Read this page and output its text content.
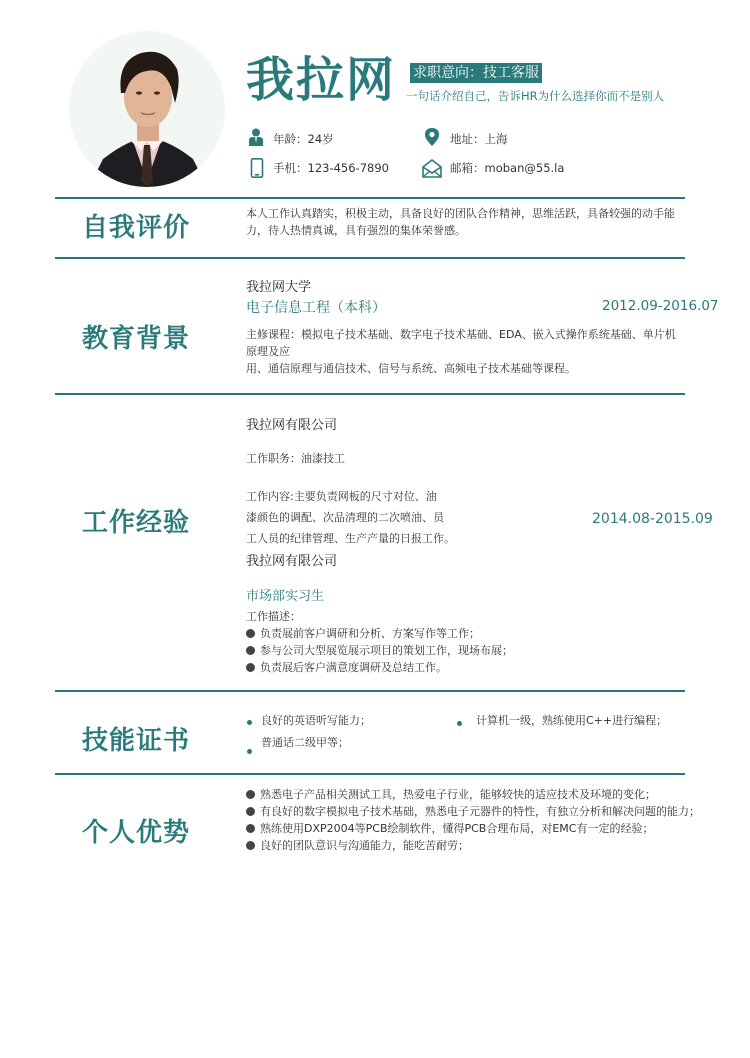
我拉网 求职意向：技工客服
一句话介绍自己，告诉HR为什么选择你而不是别人
年龄：24岁	地址：上海
手机：123-456-7890	邮箱：moban@55.la
自我评价	本人工作认真踏实，积极主动，具备良好的团队合作精神，思维活跃，具备较强的动手能
力，待人热情真诚，具有强烈的集体荣誉感。
教育背景
我拉网大学
电子信息工程（本科）	2012.09-2016.07
主修课程：模拟电子技术基础、数字电子技术基础、EDA、嵌入式操作系统基础、单片机
原理及应
用、通信原理与通信技术、信号与系统、高频电子技术基础等课程。
工作经验
我拉网有限公司
工作职务：油漆技工
工作内容:主要负责网板的尺寸对位、油
漆颜色的调配、次品清理的二次喷油、员
工人员的纪律管理、生产产量的日报工作。
2014.08-2015.09
我拉网有限公司
市场部实习生
工作描述：
负责展前客户调研和分析、方案写作等工作；
参与公司大型展览展示项目的策划工作，现场布展；
负责展后客户满意度调研及总结工作。
技能证书
良好的英语听写能力；
普通话二级甲等；
计算机一级，熟练使用C++进行编程；
个人优势
熟悉电子产品相关测试工具，热爱电子行业，能够较快的适应技术及环境的变化；
有良好的数字模拟电子技术基础，熟悉电子元器件的特性，有独立分析和解决问题的能力；
熟练使用DXP2004等PCB绘制软件，懂得PCB合理布局，对EMC有一定的经验；
良好的团队意识与沟通能力，能吃苦耐劳；
